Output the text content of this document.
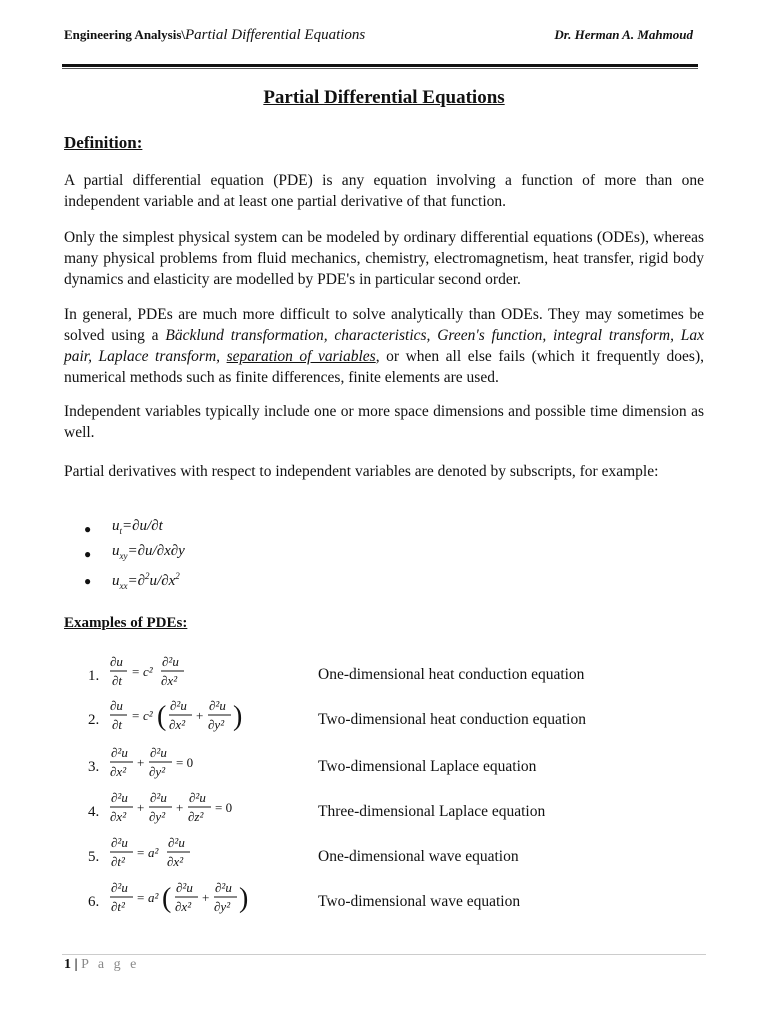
Engineering Analysis\Partial Differential Equations	Dr. Herman A. Mahmoud
Partial Differential Equations
Definition:
A partial differential equation (PDE) is any equation involving a function of more than one independent variable and at least one partial derivative of that function.
Only the simplest physical system can be modeled by ordinary differential equations (ODEs), whereas many physical problems from fluid mechanics, chemistry, electromagnetism, heat transfer, rigid body dynamics and elasticity are modelled by PDE's in particular second order.
In general, PDEs are much more difficult to solve analytically than ODEs. They may sometimes be solved using a Bäcklund transformation, characteristics, Green's function, integral transform, Lax pair, Laplace transform, separation of variables, or when all else fails (which it frequently does), numerical methods such as finite differences, finite elements are used.
Independent variables typically include one or more space dimensions and possible time dimension as well.
Partial derivatives with respect to independent variables are denoted by subscripts, for example:
●	$u_t=\partial u/\partial t$
●	$u_{xy}=\partial u/\partial x\partial y$
●	$u_{xx}=\partial^2u/\partial x^2$
Examples of PDEs:
1.
∂u
∂t
= c²
∂²u
∂x²	One-dimensional heat conduction equation
2.
∂u
∂t
= c² ( ∂²u
∂x²
+
∂²u
∂y² )	Two-dimensional heat conduction equation
3.
∂²u
∂x²
+
∂²u
∂y²
= 0	Two-dimensional Laplace equation
4.
∂²u
∂x²
+
∂²u
∂y²
+
∂²u
∂z²
= 0	Three-dimensional Laplace equation
5.
∂²u
∂t²
= a²
∂²u
∂x²	One-dimensional wave equation
6.
∂²u
∂t²
= a² ( ∂²u
∂x²
+
∂²u
∂y² )	Two-dimensional wave equation
1 | P a g e
